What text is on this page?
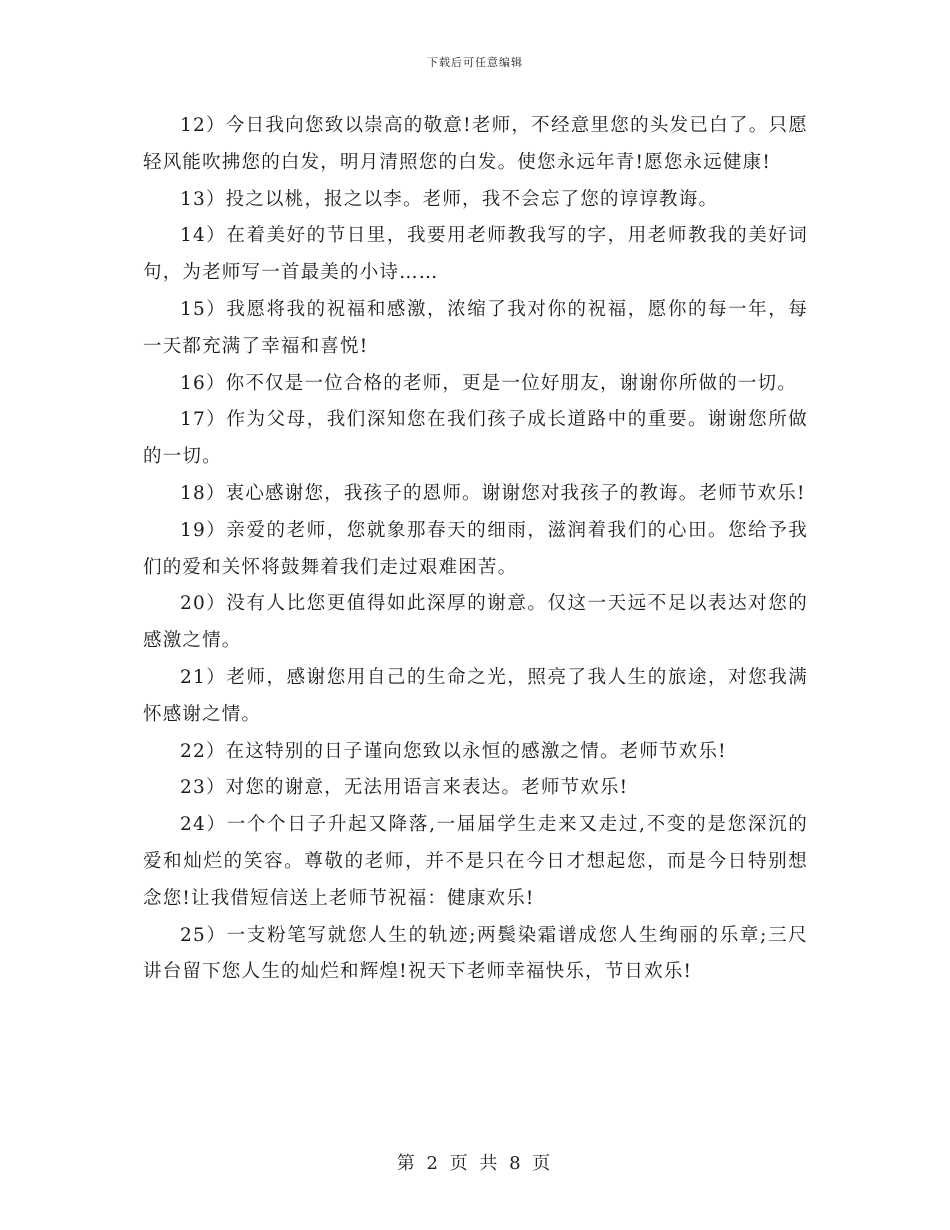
下载后可任意编辑

12）今日我向您致以崇高的敬意!老师，不经意里您的头发已白了。只愿轻风能吹拂您的白发，明月清照您的白发。使您永远年青!愿您永远健康!

13）投之以桃，报之以李。老师，我不会忘了您的谆谆教诲。

14）在着美好的节日里，我要用老师教我写的字，用老师教我的美好词句，为老师写一首最美的小诗……

15）我愿将我的祝福和感激，浓缩了我对你的祝福，愿你的每一年，每一天都充满了幸福和喜悦!

16）你不仅是一位合格的老师，更是一位好朋友，谢谢你所做的一切。

17）作为父母，我们深知您在我们孩子成长道路中的重要。谢谢您所做的一切。

18）衷心感谢您，我孩子的恩师。谢谢您对我孩子的教诲。老师节欢乐!

19）亲爱的老师，您就象那春天的细雨，滋润着我们的心田。您给予我们的爱和关怀将鼓舞着我们走过艰难困苦。

20）没有人比您更值得如此深厚的谢意。仅这一天远不足以表达对您的感激之情。

21）老师，感谢您用自己的生命之光，照亮了我人生的旅途，对您我满怀感谢之情。

22）在这特别的日子谨向您致以永恒的感激之情。老师节欢乐!

23）对您的谢意，无法用语言来表达。老师节欢乐!

24）一个个日子升起又降落,一届届学生走来又走过,不变的是您深沉的爱和灿烂的笑容。尊敬的老师，并不是只在今日才想起您，而是今日特别想念您!让我借短信送上老师节祝福：健康欢乐!

25）一支粉笔写就您人生的轨迹;两鬓染霜谱成您人生绚丽的乐章;三尺讲台留下您人生的灿烂和辉煌!祝天下老师幸福快乐，节日欢乐!

第 2 页 共 8 页
